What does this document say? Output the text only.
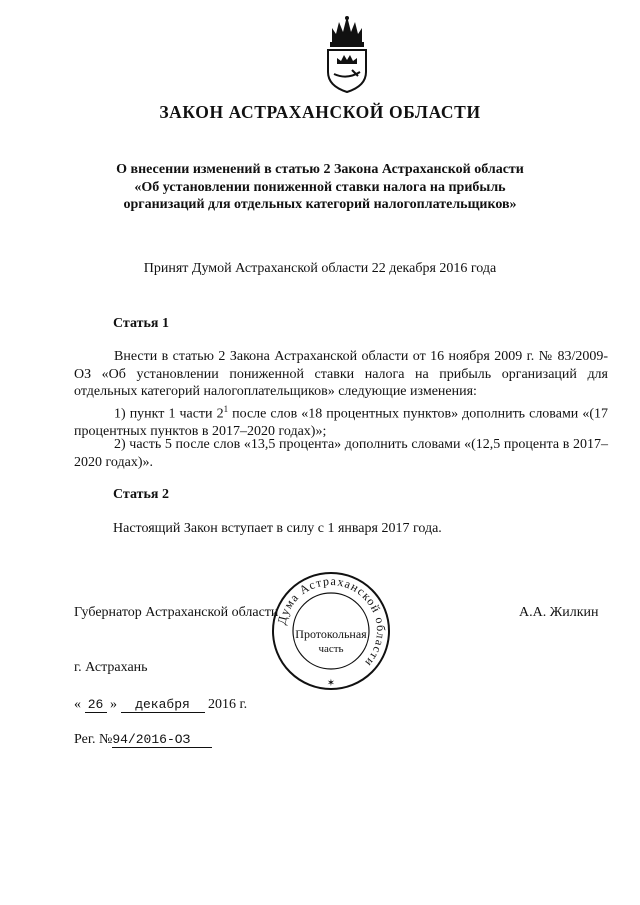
ЗАКОН АСТРАХАНСКОЙ ОБЛАСТИ
О внесении изменений в статью 2 Закона Астраханской области
«Об установлении пониженной ставки налога на прибыль
организаций для отдельных категорий налогоплательщиков»
Принят Думой Астраханской области 22 декабря 2016 года
Статья 1

Внести в статью 2 Закона Астраханской области от 16 ноября 2009 г. № 83/2009-ОЗ «Об установлении пониженной ставки налога на прибыль организаций для отдельных категорий налогоплательщиков» следующие изменения:

1) пункт 1 части $2^1$ после слов «18 процентных пунктов» дополнить словами «(17 процентных пунктов в 2017–2020 годах)»;

2) часть 5 после слов «13,5 процента» дополнить словами «(12,5 процента в 2017–2020 годах)».

Статья 2
Настоящий Закон вступает в силу с 1 января 2017 года.
Губернатор Астраханской области	А.А. Жилкин
Дума Астраханской области
✶
Протокольная
часть
г. Астрахань
« 26 » декабря 2016 г.
Рег. №94/2016-ОЗ
